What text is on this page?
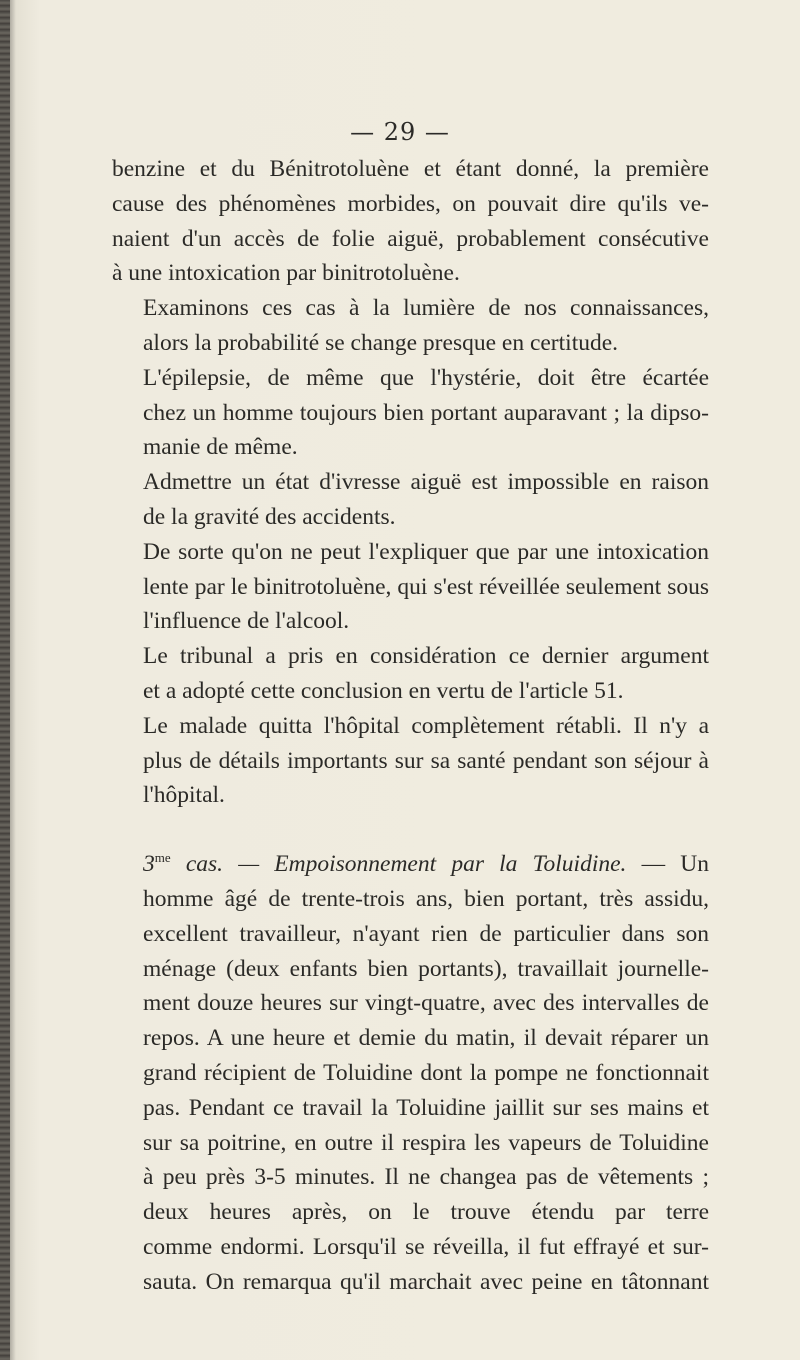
— 29 —

benzine et du Bénitrotoluène et étant donné, la première
cause des phénomènes morbides, on pouvait dire qu'ils ve-
naient d'un accès de folie aiguë, probablement consécutive
à une intoxication par binitrotoluène.

Examinons ces cas à la lumière de nos connaissances,
alors la probabilité se change presque en certitude.

L'épilepsie, de même que l'hystérie, doit être écartée
chez un homme toujours bien portant auparavant ; la dipso-
manie de même.

Admettre un état d'ivresse aiguë est impossible en raison
de la gravité des accidents.

De sorte qu'on ne peut l'expliquer que par une intoxication
lente par le binitrotoluène, qui s'est réveillée seulement sous
l'influence de l'alcool.

Le tribunal a pris en considération ce dernier argument
et a adopté cette conclusion en vertu de l'article 51.

Le malade quitta l'hôpital complètement rétabli. Il n'y a
plus de détails importants sur sa santé pendant son séjour à
l'hôpital.

$3^{me}$ cas. — Empoisonnement par la Toluidine. — Un
homme âgé de trente-trois ans, bien portant, très assidu,
excellent travailleur, n'ayant rien de particulier dans son
ménage (deux enfants bien portants), travaillait journelle-
ment douze heures sur vingt-quatre, avec des intervalles de
repos. A une heure et demie du matin, il devait réparer un
grand récipient de Toluidine dont la pompe ne fonctionnait
pas. Pendant ce travail la Toluidine jaillit sur ses mains et
sur sa poitrine, en outre il respira les vapeurs de Toluidine
à peu près 3-5 minutes. Il ne changea pas de vêtements ;
deux heures après, on le trouve étendu par terre
comme endormi. Lorsqu'il se réveilla, il fut effrayé et sur-
sauta. On remarqua qu'il marchait avec peine en tâtonnant
